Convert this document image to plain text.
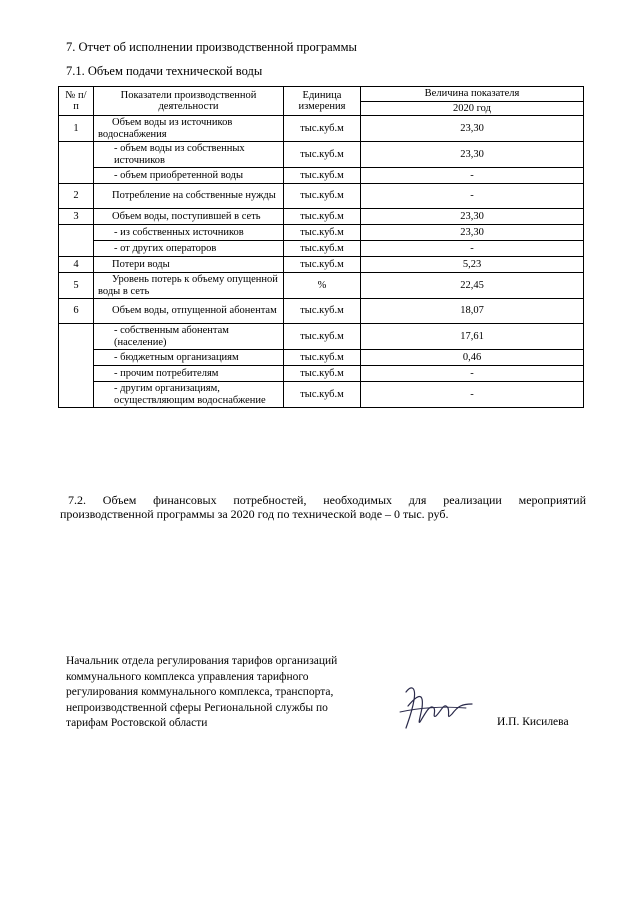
7. Отчет об исполнении производственной программы
7.1. Объем подачи технической воды
№ п/п	Показатели производственной деятельности	Единица измерения	Величина показателя
			2020 год
1	Объем воды из источников водоснабжения	тыс.куб.м	23,30
	- объем воды из собственных источников	тыс.куб.м	23,30
	- объем приобретенной воды	тыс.куб.м	-
2	Потребление на собственные нужды	тыс.куб.м	-
3	Объем воды, поступившей в сеть	тыс.куб.м	23,30
	- из собственных источников	тыс.куб.м	23,30
	- от других операторов	тыс.куб.м	-
4	Потери воды	тыс.куб.м	5,23
5	Уровень потерь к объему опущенной воды в сеть	%	22,45
6	Объем воды, отпущенной абонентам	тыс.куб.м	18,07
	- собственным абонентам (население)	тыс.куб.м	17,61
	- бюджетным организациям	тыс.куб.м	0,46
	- прочим потребителям	тыс.куб.м	-
	- другим организациям, осуществляющим водоснабжение	тыс.куб.м	-
7.2. Объем финансовых потребностей, необходимых для реализации мероприятий производственной программы за 2020 год по технической воде – 0 тыс. руб.
Начальник отдела регулирования тарифов организаций
коммунального комплекса управления тарифного
регулирования коммунального комплекса, транспорта,
непроизводственной сферы Региональной службы по
тарифам Ростовской области	И.П. Кисилева
